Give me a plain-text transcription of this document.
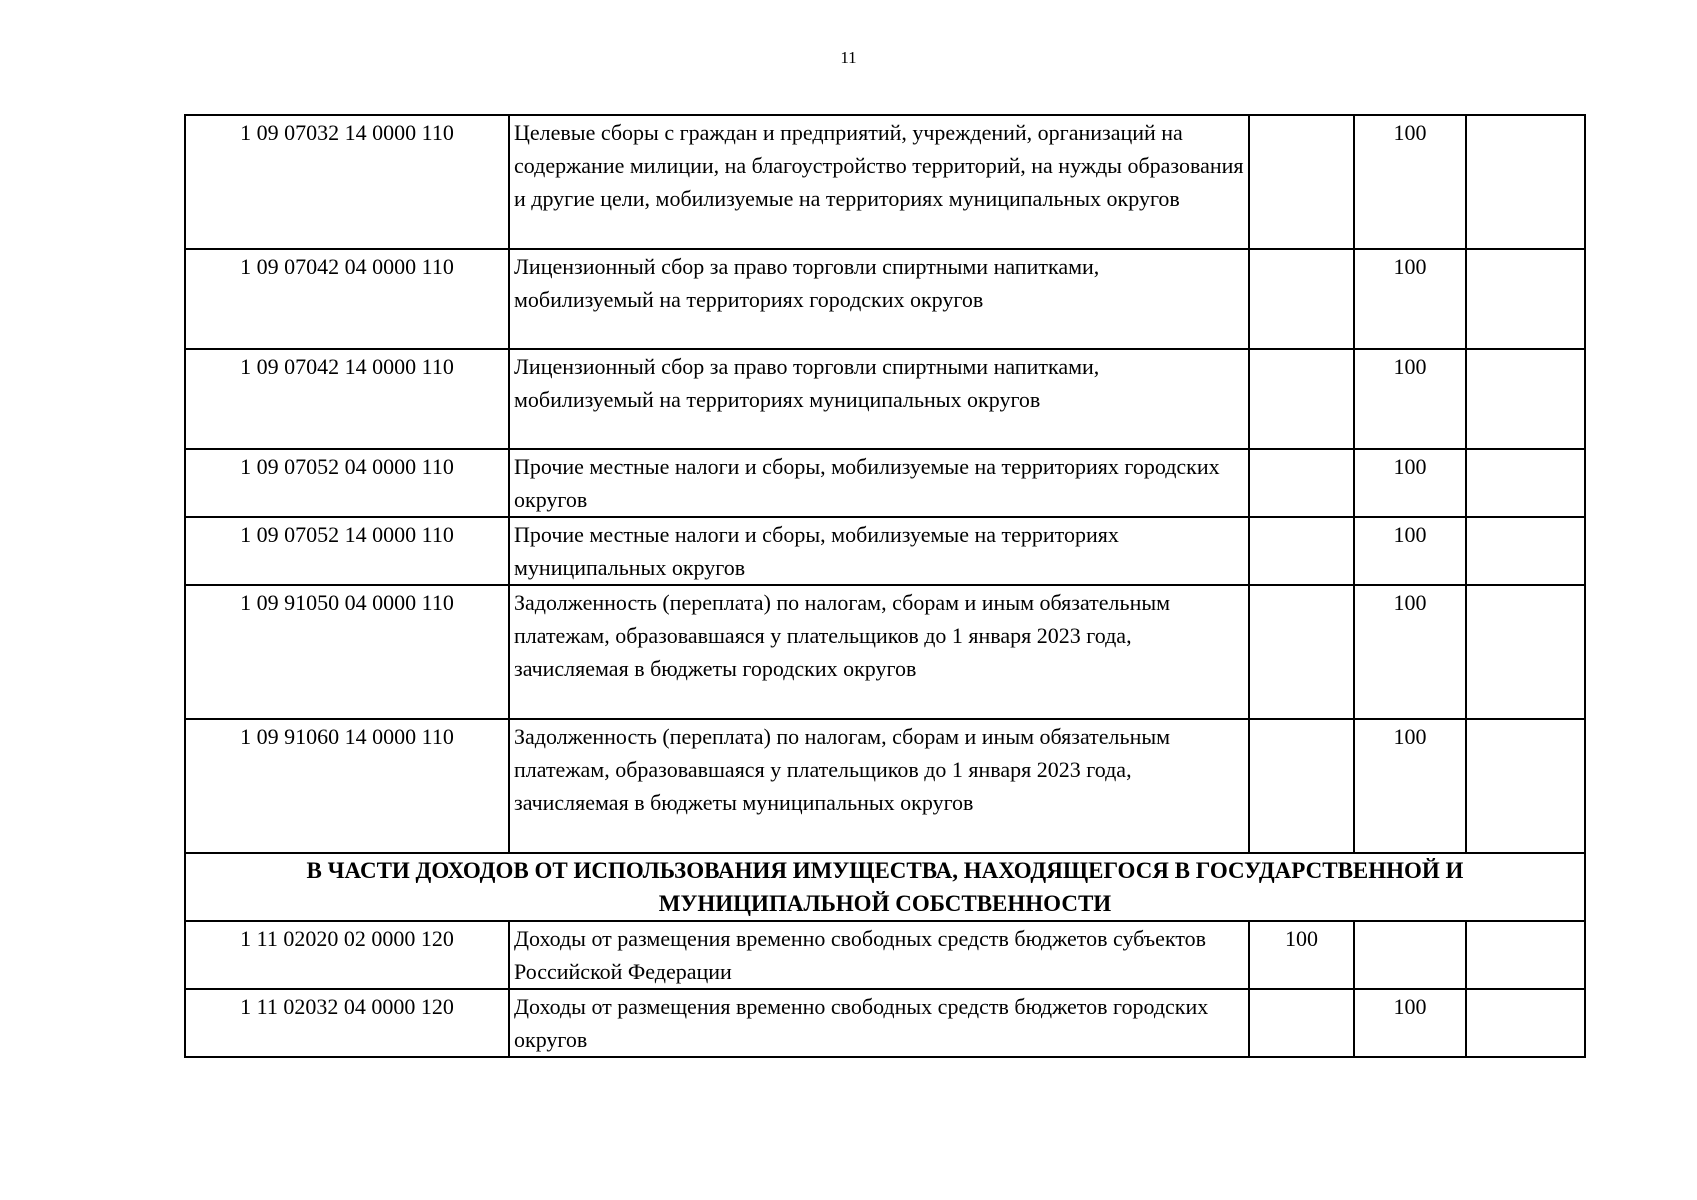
11
1 09 07032 14 0000 110	Целевые сборы с граждан и предприятий, учреждений, организаций на содержание милиции, на благоустройство территорий, на нужды образования и другие цели, мобилизуемые на территориях муниципальных округов		100	
1 09 07042 04 0000 110	Лицензионный сбор за право торговли спиртными напитками, мобилизуемый на территориях городских округов		100	
1 09 07042 14 0000 110	Лицензионный сбор за право торговли спиртными напитками, мобилизуемый на территориях муниципальных округов		100	
1 09 07052 04 0000 110	Прочие местные налоги и сборы, мобилизуемые на территориях городских округов		100	
1 09 07052 14 0000 110	Прочие местные налоги и сборы, мобилизуемые на территориях муниципальных округов		100	
1 09 91050 04 0000 110	Задолженность (переплата) по налогам, сборам и иным обязательным платежам, образовавшаяся у плательщиков до 1 января 2023 года, зачисляемая в бюджеты городских округов		100	
1 09 91060 14 0000 110	Задолженность (переплата) по налогам, сборам и иным обязательным платежам, образовавшаяся у плательщиков до 1 января 2023 года, зачисляемая в бюджеты муниципальных округов		100	
В ЧАСТИ ДОХОДОВ ОТ ИСПОЛЬЗОВАНИЯ ИМУЩЕСТВА, НАХОДЯЩЕГОСЯ В ГОСУДАРСТВЕННОЙ И МУНИЦИПАЛЬНОЙ СОБСТВЕННОСТИ				
1 11 02020 02 0000 120	Доходы от размещения временно свободных средств бюджетов субъектов Российской Федерации	100		
1 11 02032 04 0000 120	Доходы от размещения временно свободных средств бюджетов городских округов		100	
